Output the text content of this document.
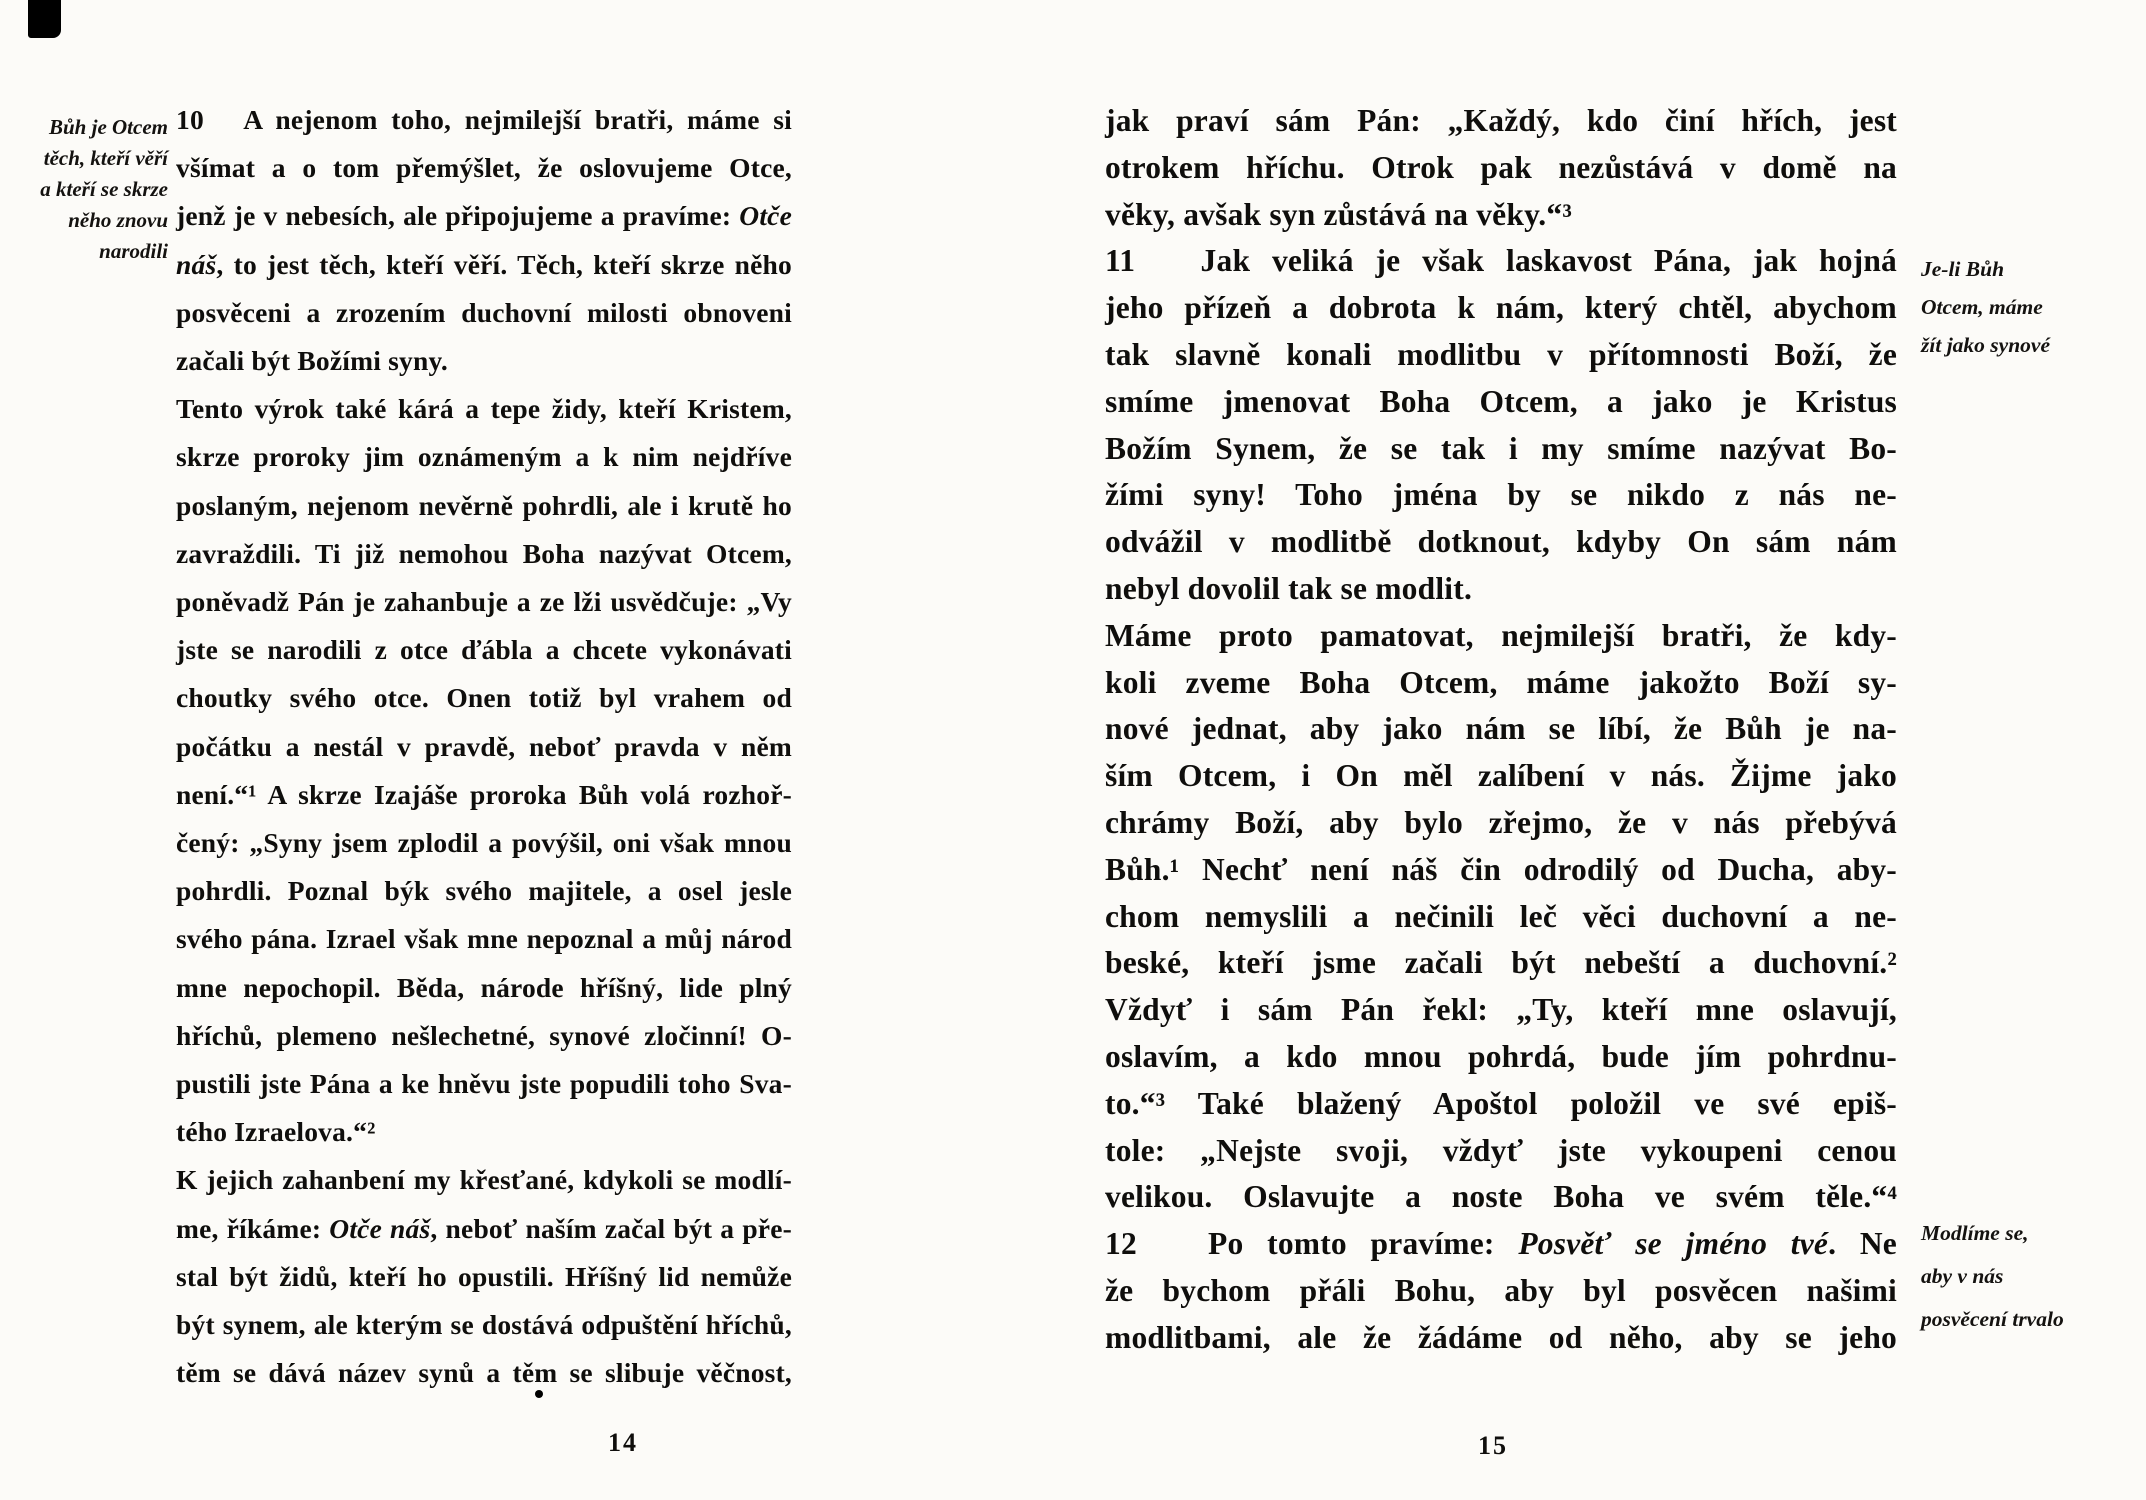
Bůh je Otcem
těch, kteří věří
a kteří se skrze
něho znovu
narodili
10   A nejenom toho, nejmilejší bratři, máme si
všímat a o tom přemýšlet, že oslovujeme Otce,
jenž je v nebesích, ale připojujeme a pravíme: Otče
náš, to jest těch, kteří věří. Těch, kteří skrze něho
posvěceni a zrozením duchovní milosti obnoveni
začali být Božími syny.
Tento výrok také kárá a tepe židy, kteří Kristem,
skrze proroky jim oznámeným a k nim nejdříve
poslaným, nejenom nevěrně pohrdli, ale i krutě ho
zavraždili. Ti již nemohou Boha nazývat Otcem,
poněvadž Pán je zahanbuje a ze lži usvědčuje: „Vy
jste se narodili z otce ďábla a chcete vykonávati
choutky svého otce. Onen totiž byl vrahem od
počátku a nestál v pravdě, neboť pravda v něm
není.“¹ A skrze Izajáše proroka Bůh volá rozhoř-
čený: „Syny jsem zplodil a povýšil, oni však mnou
pohrdli. Poznal býk svého majitele, a osel jesle
svého pána. Izrael však mne nepoznal a můj národ
mne nepochopil. Běda, národe hříšný, lide plný
hříchů, plemeno nešlechetné, synové zločinní! O-
pustili jste Pána a ke hněvu jste popudili toho Sva-
tého Izraelova.“²
K jejich zahanbení my křesťané, kdykoli se modlí-
me, říkáme: Otče náš, neboť naším začal být a pře-
stal být židů, kteří ho opustili. Hříšný lid nemůže
být synem, ale kterým se dostává odpuštění hříchů,
těm se dává název synů a těm se slibuje věčnost,
14
jak praví sám Pán: „Každý, kdo činí hřích, jest
otrokem hříchu. Otrok pak nezůstává v domě na
věky, avšak syn zůstává na věky.“³
11   Jak veliká je však laskavost Pána, jak hojná
jeho přízeň a dobrota k nám, který chtěl, abychom
tak slavně konali modlitbu v přítomnosti Boží, že
smíme jmenovat Boha Otcem, a jako je Kristus
Božím Synem, že se tak i my smíme nazývat Bo-
žími syny! Toho jména by se nikdo z nás ne-
odvážil v modlitbě dotknout, kdyby On sám nám
nebyl dovolil tak se modlit.
Máme proto pamatovat, nejmilejší bratři, že kdy-
koli zveme Boha Otcem, máme jakožto Boží sy-
nové jednat, aby jako nám se líbí, že Bůh je na-
ším Otcem, i On měl zalíbení v nás. Žijme jako
chrámy Boží, aby bylo zřejmo, že v nás přebývá
Bůh.¹ Nechť není náš čin odrodilý od Ducha, aby-
chom nemyslili a nečinili leč věci duchovní a ne-
beské, kteří jsme začali být nebeští a duchovní.²
Vždyť i sám Pán řekl: „Ty, kteří mne oslavují,
oslavím, a kdo mnou pohrdá, bude jím pohrdnu-
to.“³ Také blažený Apoštol položil ve své epiš-
tole: „Nejste svoji, vždyť jste vykoupeni cenou
velikou. Oslavujte a noste Boha ve svém těle.“⁴
12   Po tomto pravíme: Posvěť se jméno tvé. Ne
že bychom přáli Bohu, aby byl posvěcen našimi
modlitbami, ale že žádáme od něho, aby se jeho
Je-li Bůh
Otcem, máme
žít jako synové
Modlíme se,
aby v nás
posvěcení trvalo
15
